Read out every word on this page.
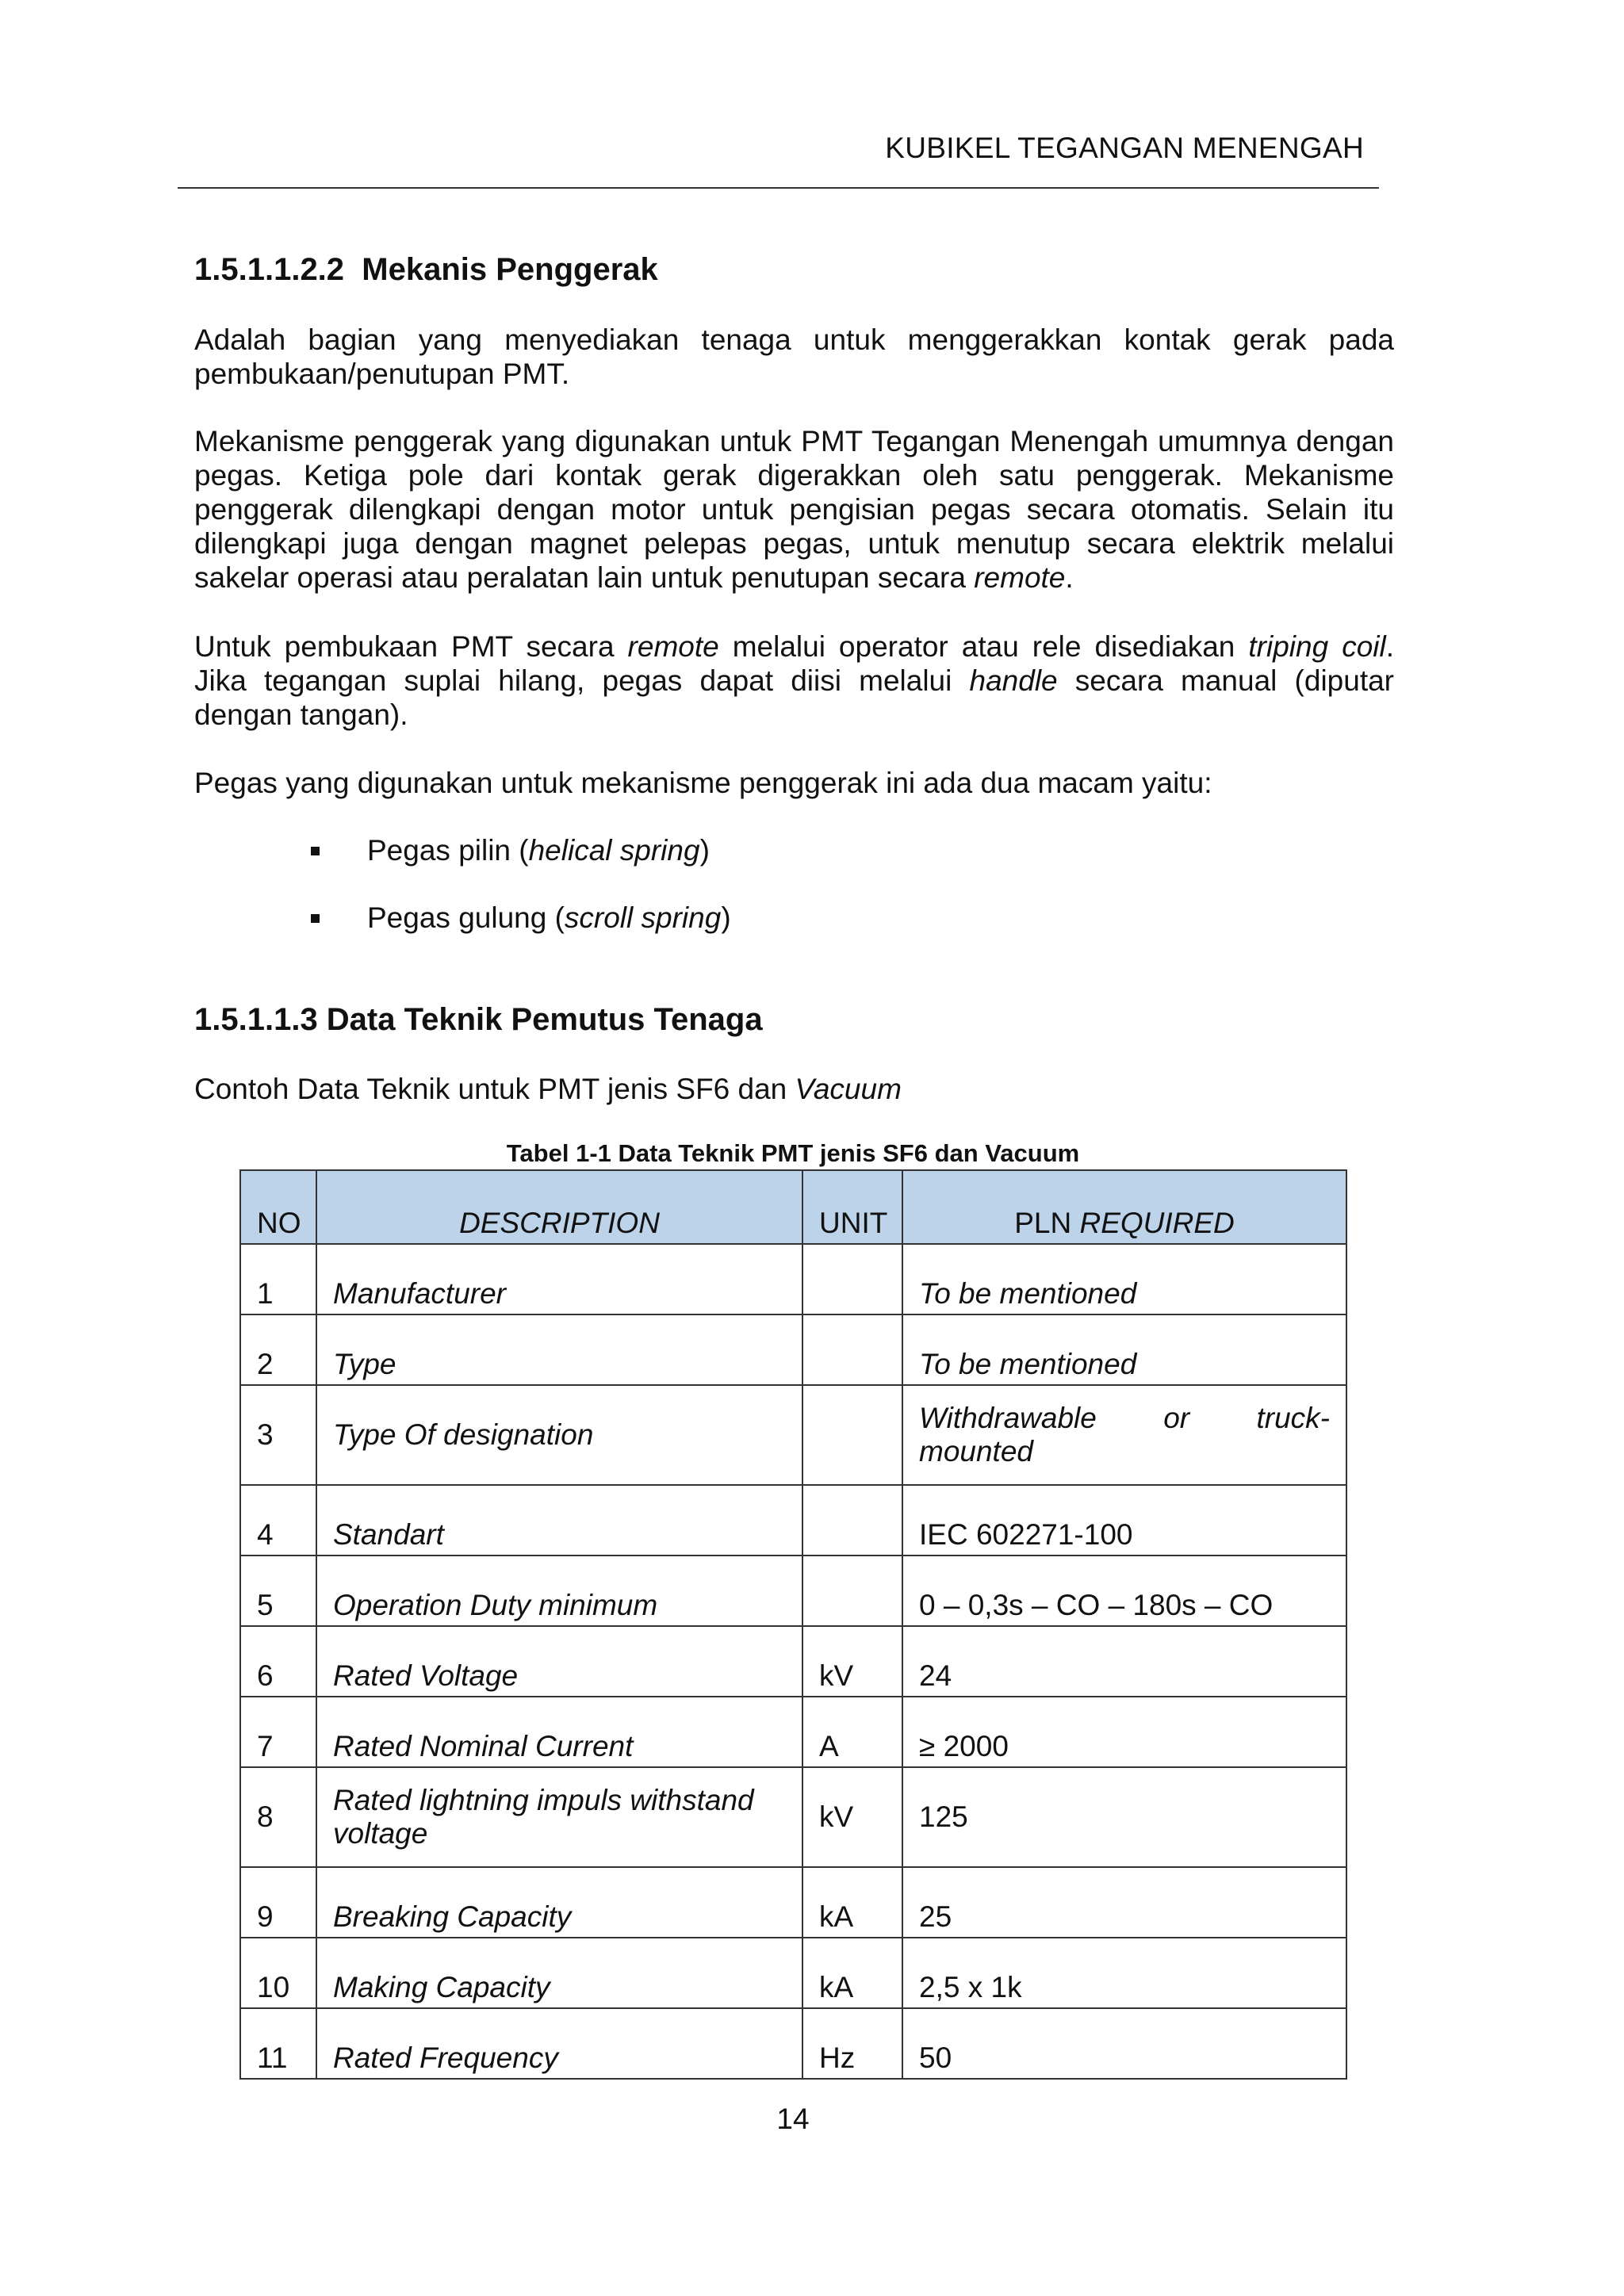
KUBIKEL TEGANGAN MENENGAH
1.5.1.1.2.2 Mekanis Penggerak

Adalah bagian yang menyediakan tenaga untuk menggerakkan kontak gerak pada pembukaan/penutupan PMT.

Mekanisme penggerak yang digunakan untuk PMT Tegangan Menengah umumnya dengan pegas. Ketiga pole dari kontak gerak digerakkan oleh satu penggerak. Mekanisme penggerak dilengkapi dengan motor untuk pengisian pegas secara otomatis. Selain itu dilengkapi juga dengan magnet pelepas pegas, untuk menutup secara elektrik melalui sakelar operasi atau peralatan lain untuk penutupan secara remote.

Untuk pembukaan PMT secara remote melalui operator atau rele disediakan triping coil. Jika tegangan suplai hilang, pegas dapat diisi melalui handle secara manual (diputar dengan tangan).

Pegas yang digunakan untuk mekanisme penggerak ini ada dua macam yaitu:

Pegas pilin (helical spring)
Pegas gulung (scroll spring)
1.5.1.1.3 Data Teknik Pemutus Tenaga

Contoh Data Teknik untuk PMT jenis SF6 dan Vacuum

Tabel 1-1 Data Teknik PMT jenis SF6 dan Vacuum
NO	DESCRIPTION	UNIT	PLN REQUIRED
1	Manufacturer		To be mentioned
2	Type		To be mentioned
3	Type Of designation		Withdrawable or truck-
mounted

4	Standart		IEC 602271-100
5	Operation Duty minimum		0 – 0,3s – CO – 180s – CO
6	Rated Voltage	kV	24
7	Rated Nominal Current	A	≥ 2000
8	Rated lightning impuls withstand
voltage	kV	125
9	Breaking Capacity	kA	25
10	Making Capacity	kA	2,5 x 1k
11	Rated Frequency	Hz	50
14
